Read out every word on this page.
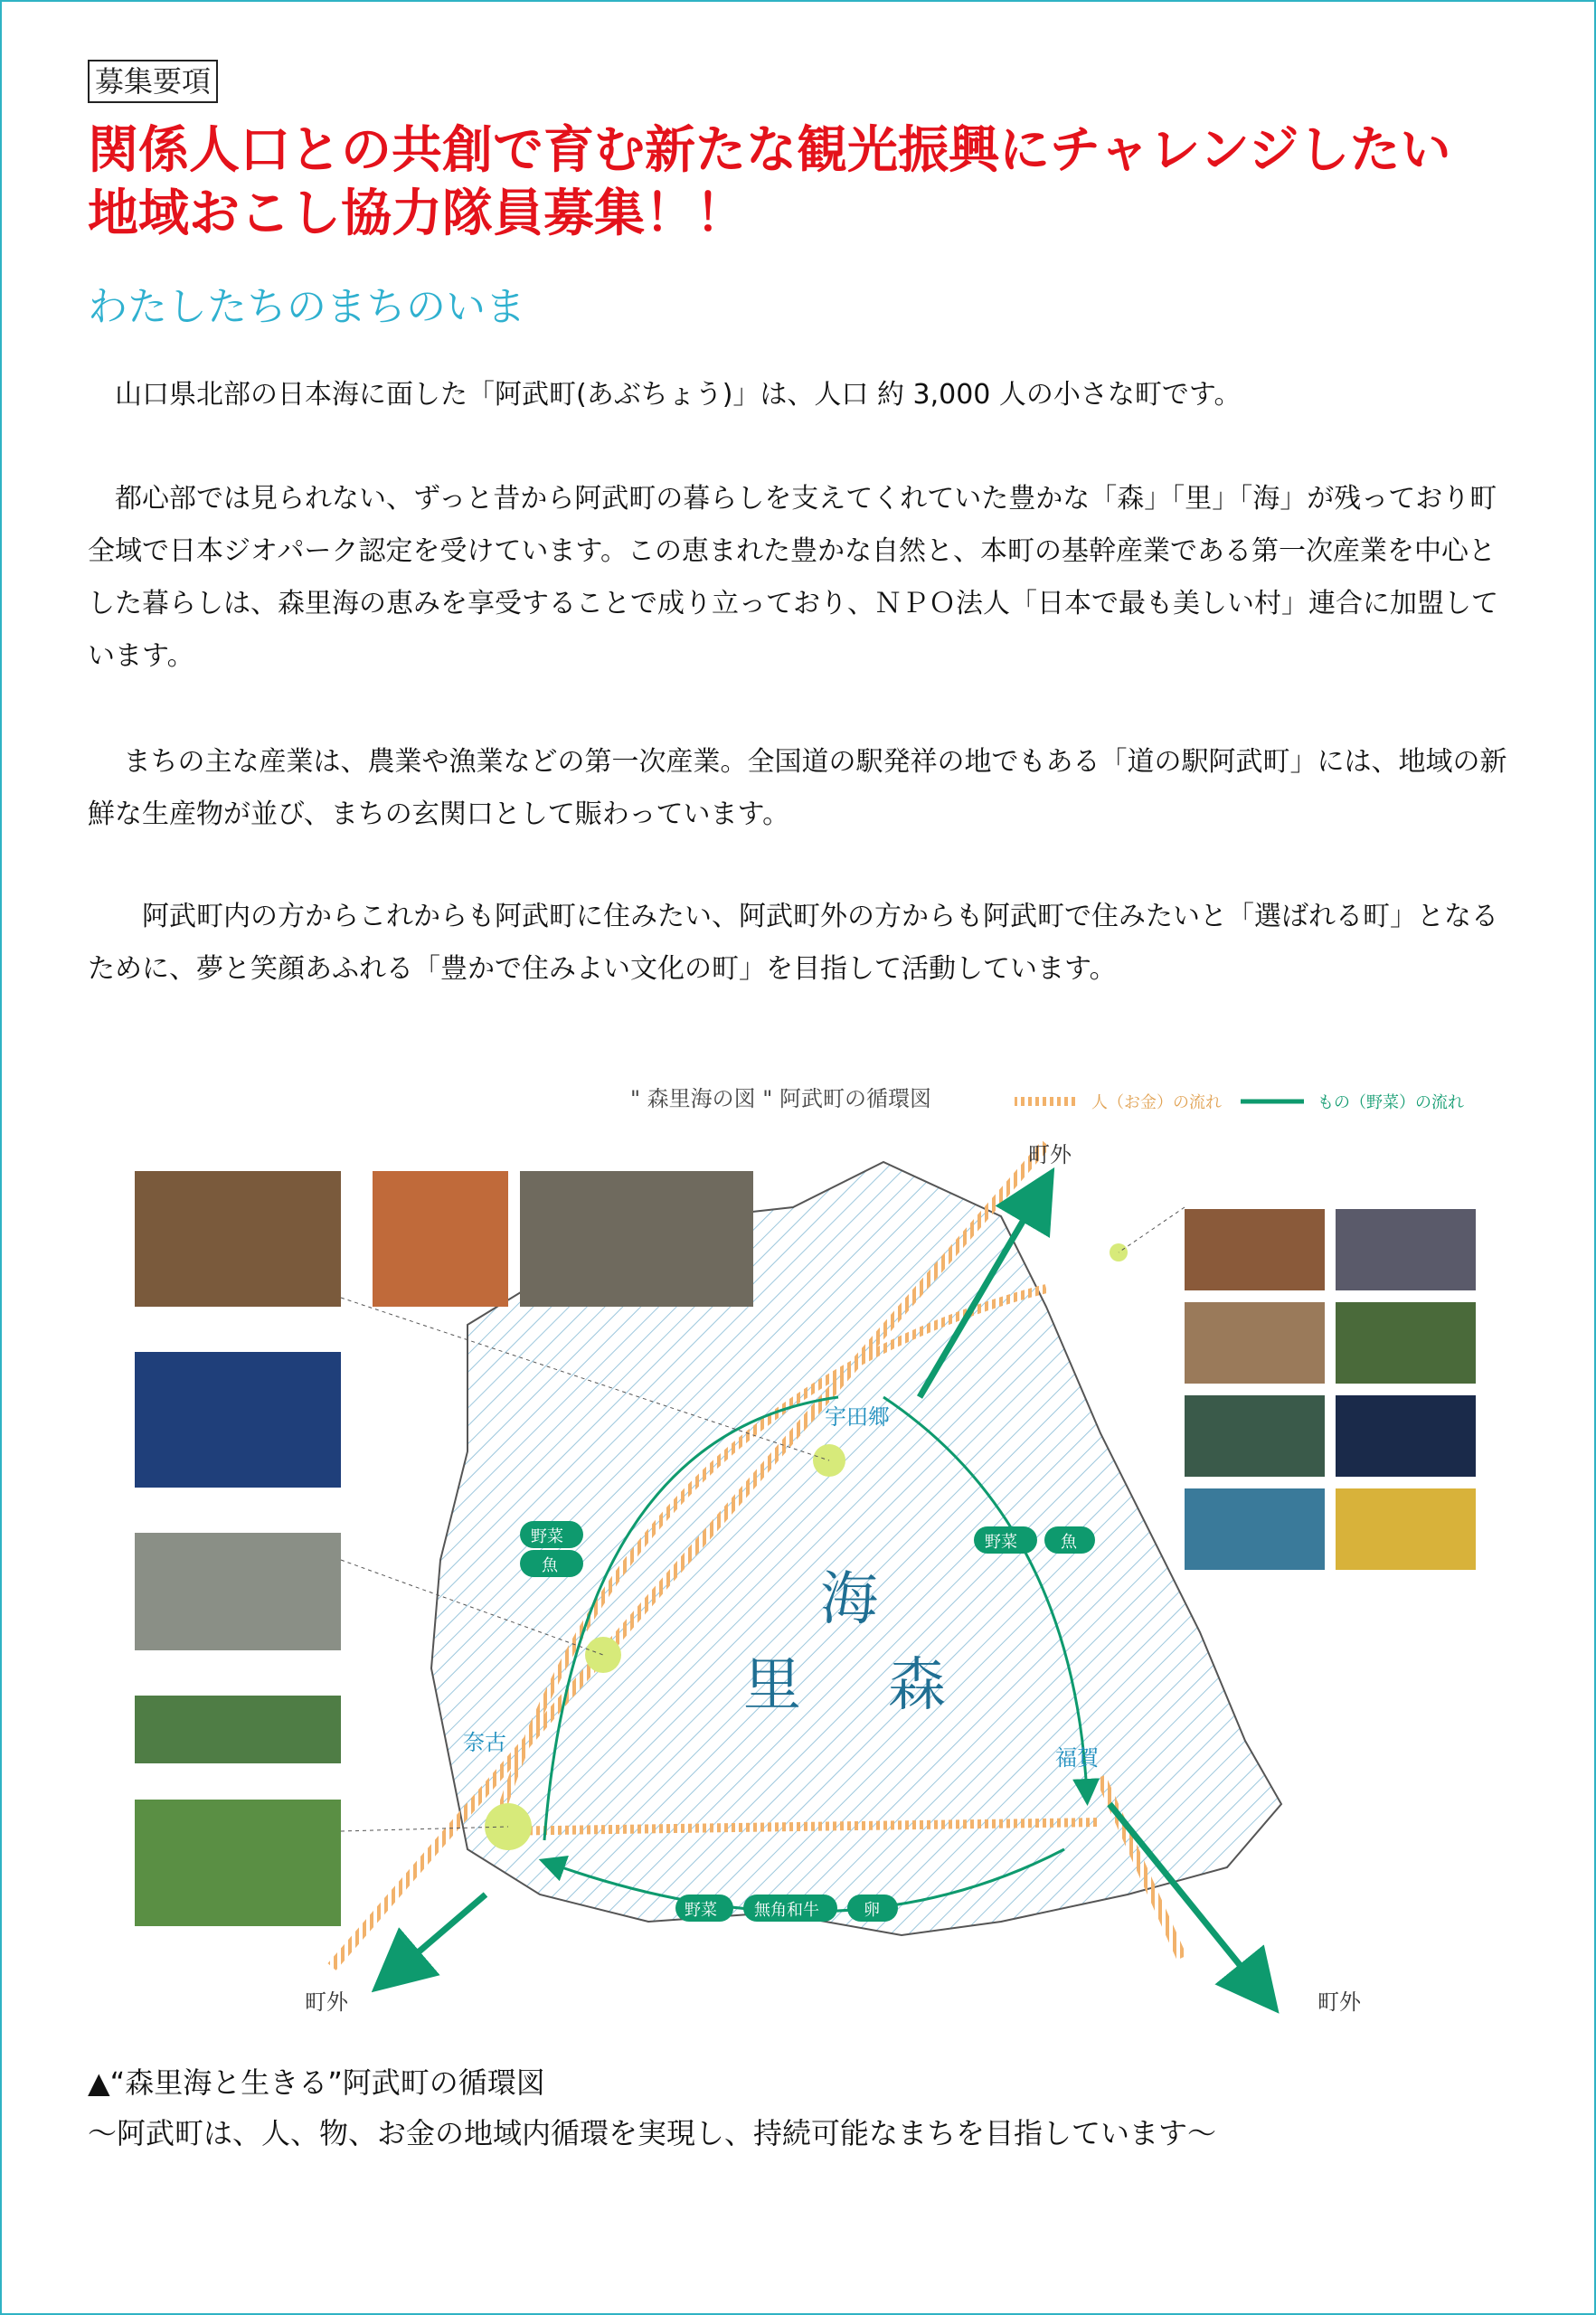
募集要項
関係人口との共創で育む新たな観光振興にチャレンジしたい
地域おこし協力隊員募集！！
わたしたちのまちのいま
　山口県北部の日本海に面した「阿武町(あぶちょう)」は、人口 約 3,000 人の小さな町です。
　都心部では見られない、ずっと昔から阿武町の暮らしを支えてくれていた豊かな「森」「里」「海」が残っており町全域で日本ジオパーク認定を受けています。この恵まれた豊かな自然と、本町の基幹産業である第一次産業を中心とした暮らしは、森里海の恵みを享受することで成り立っており、ＮＰＯ法人「日本で最も美しい村」連合に加盟しています。
　 まちの主な産業は、農業や漁業などの第一次産業。全国道の駅発祥の地でもある「道の駅阿武町」には、地域の新鮮な生産物が並び、まちの玄関口として賑わっています。
　　阿武町内の方からこれからも阿武町に住みたい、阿武町外の方からも阿武町で住みたいと「選ばれる町」となるために、夢と笑顔あふれる「豊かで住みよい文化の町」を目指して活動しています。
" 森里海の図 " 阿武町の循環図	人（お金）の流れ	もの（野菜）の流れ
海
里 森
宇田郷
奈古
福賀
町外
町外	町外
野菜
魚
野菜	魚
野菜 無角和牛	卵
▲“森里海と生きる”阿武町の循環図
～阿武町は、人、物、お金の地域内循環を実現し、持続可能なまちを目指しています～
